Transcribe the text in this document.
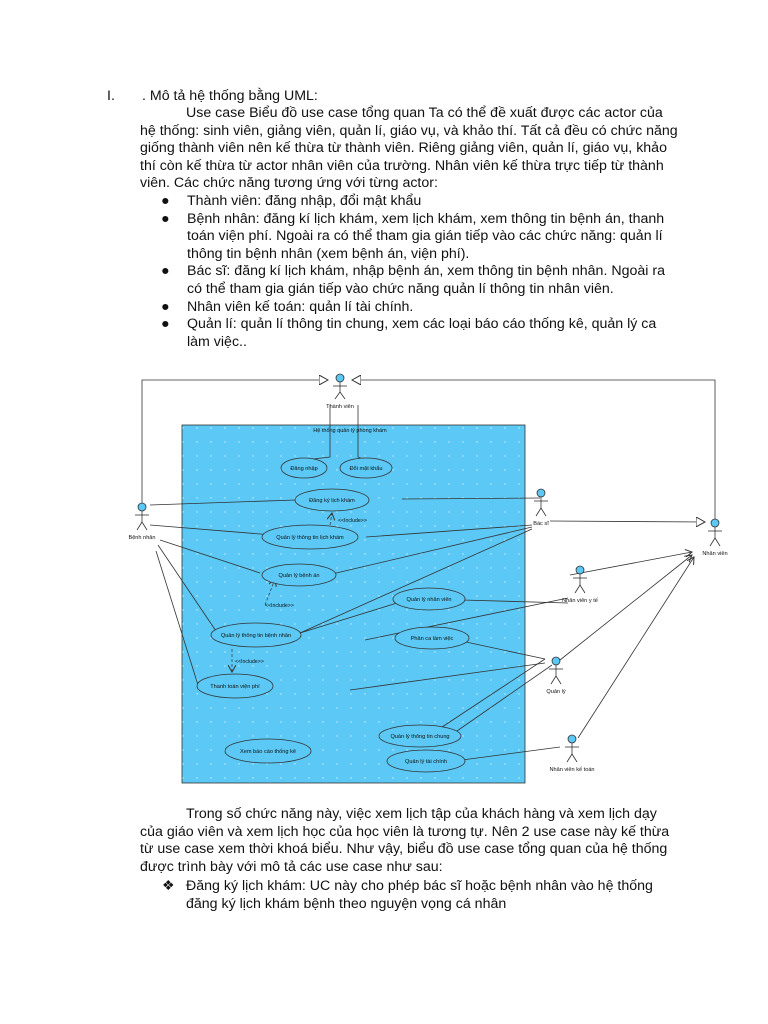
I. . Mô tả hệ thống bằng UML:
Use case Biểu đồ use case tổng quan Ta có thể đề xuất được các actor của hệ thống: sinh viên, giảng viên, quản lí, giáo vụ, và khảo thí. Tất cả đều có chức năng giống thành viên nên kế thừa từ thành viên. Riêng giảng viên, quản lí, giáo vụ, khảo thí còn kế thừa từ actor nhân viên của trường. Nhân viên kế thừa trực tiếp từ thành viên. Các chức năng tương ứng với từng actor:
● Thành viên: đăng nhập, đổi mật khẩu
● Bệnh nhân: đăng kí lịch khám, xem lịch khám, xem thông tin bệnh án, thanh toán viện phí. Ngoài ra có thể tham gia gián tiếp vào các chức năng: quản lí thông tin bệnh nhân (xem bệnh án, viện phí).
● Bác sĩ: đăng kí lịch khám, nhập bệnh án, xem thông tin bệnh nhân. Ngoài ra có thể tham gia gián tiếp vào chức năng quản lí thông tin nhân viên.
● Nhân viên kế toán: quản lí tài chính.
● Quản lí: quản lí thông tin chung, xem các loại báo cáo thống kê, quản lý ca làm việc..
Hệ thống quản lý phòng khám
<<Include>>
<<Include>>
<<Include>>
Đăng nhập	Đổi mật khẩu
Đăng ký lịch khám
Quản lý thông tin lịch khám
Quản lý bệnh án
Quản lý nhân viên
Quản lý thông tin bệnh nhân	Phân ca làm việc
Thanh toán viện phí
Quản lý thông tin chung
Xem báo cáo thống kê
Quản lý tài chính
Thành viên
Bệnh nhân
Bác sĩ
Nhân viên
Nhân viên y tế
Quản lý
Nhân viên kế toán
Trong số chức năng này, việc xem lịch tập của khách hàng và xem lịch dạy của giáo viên và xem lịch học của học viên là tương tự. Nên 2 use case này kế thừa từ use case xem thời khoá biểu. Như vậy, biểu đồ use case tổng quan của hệ thống được trình bày với mô tả các use case như sau:
❖ Đăng ký lịch khám: UC này cho phép bác sĩ hoặc bệnh nhân vào hệ thống đăng ký lịch khám bệnh theo nguyện vọng cá nhân
